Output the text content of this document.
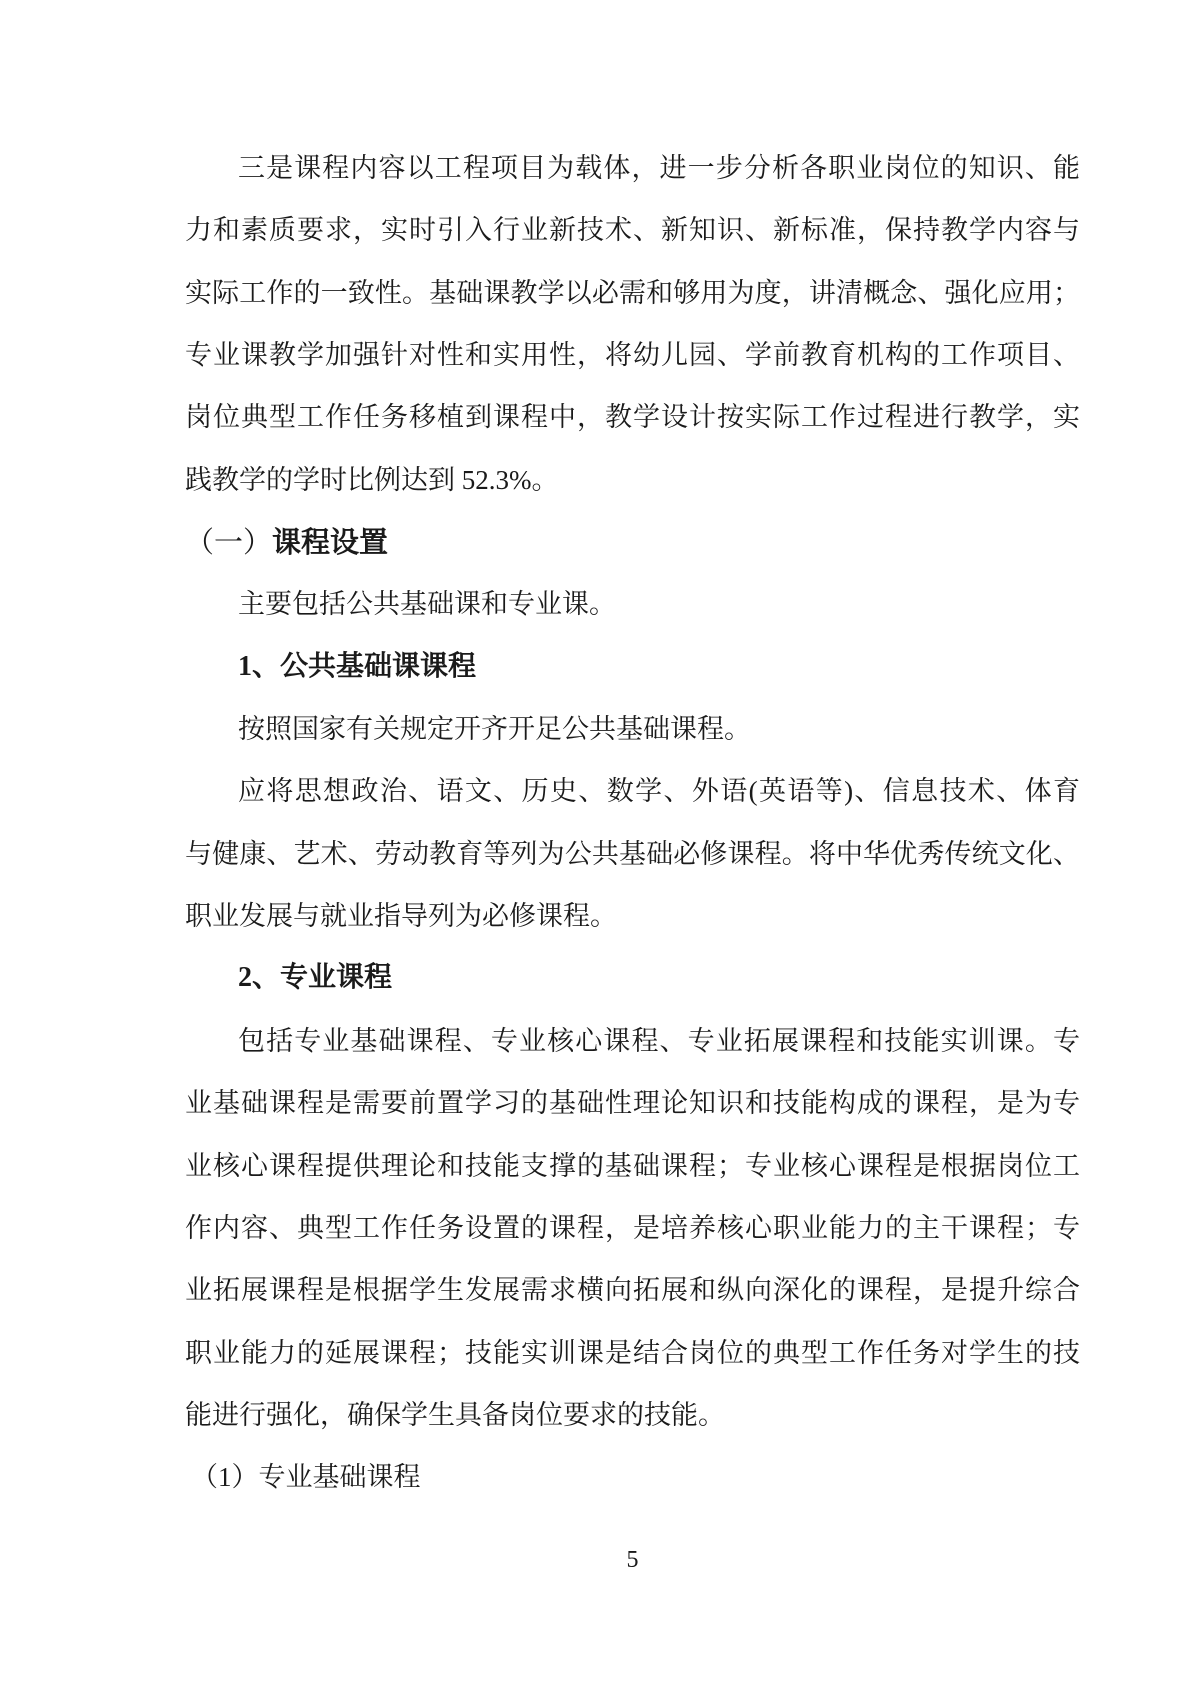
三是课程内容以工程项目为载体，进一步分析各职业岗位的知识、能
力和素质要求，实时引入行业新技术、新知识、新标准，保持教学内容与
实际工作的一致性。基础课教学以必需和够用为度，讲清概念、强化应用；
专业课教学加强针对性和实用性，将幼儿园、学前教育机构的工作项目、
岗位典型工作任务移植到课程中，教学设计按实际工作过程进行教学，实
践教学的学时比例达到 52.3%。
（一）课程设置
主要包括公共基础课和专业课。
1、公共基础课课程
按照国家有关规定开齐开足公共基础课程。
应将思想政治、语文、历史、数学、外语(英语等)、信息技术、体育
与健康、艺术、劳动教育等列为公共基础必修课程。将中华优秀传统文化、
职业发展与就业指导列为必修课程。
2、专业课程
包括专业基础课程、专业核心课程、专业拓展课程和技能实训课。专
业基础课程是需要前置学习的基础性理论知识和技能构成的课程，是为专
业核心课程提供理论和技能支撑的基础课程；专业核心课程是根据岗位工
作内容、典型工作任务设置的课程，是培养核心职业能力的主干课程；专
业拓展课程是根据学生发展需求横向拓展和纵向深化的课程，是提升综合
职业能力的延展课程；技能实训课是结合岗位的典型工作任务对学生的技
能进行强化，确保学生具备岗位要求的技能。
（1）专业基础课程
5
